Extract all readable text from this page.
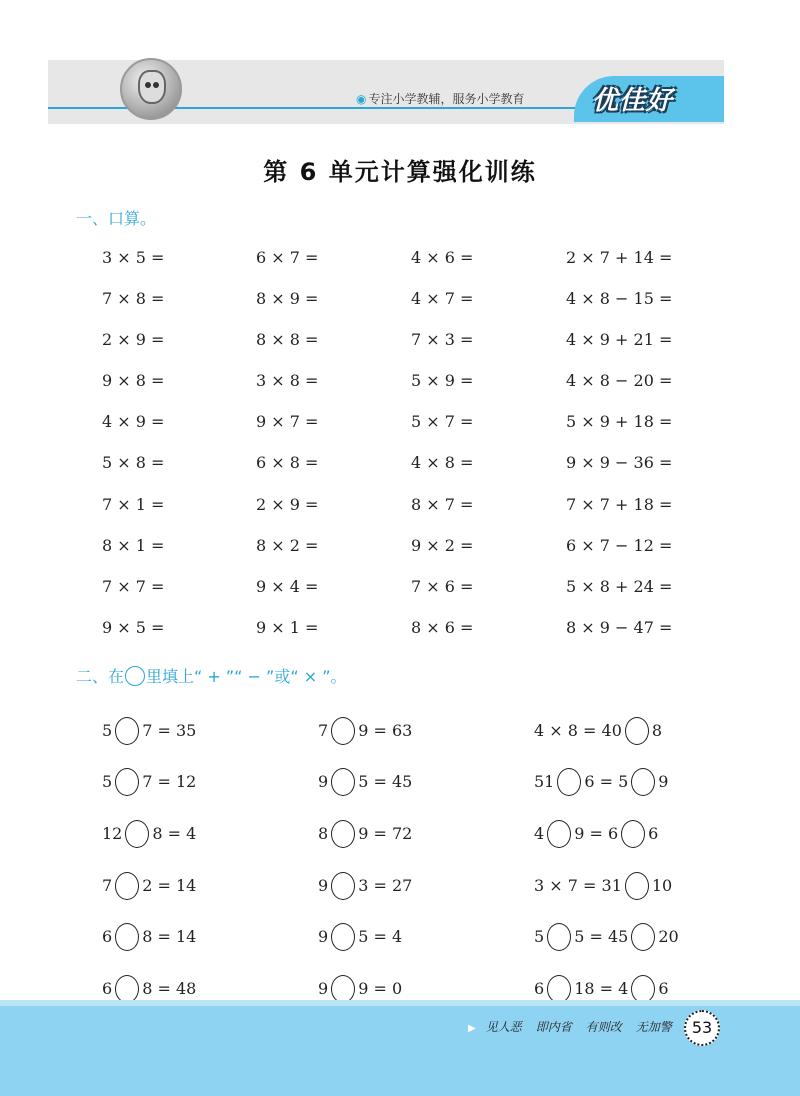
◉ 专注小学教辅，服务小学教育	优佳好
第 6 单元计算强化训练
一、口算。
3 × 5 =	6 × 7 =	4 × 6 =	2 × 7 + 14 =
7 × 8 =	8 × 9 =	4 × 7 =	4 × 8 − 15 =
2 × 9 =	8 × 8 =	7 × 3 =	4 × 9 + 21 =
9 × 8 =	3 × 8 =	5 × 9 =	4 × 8 − 20 =
4 × 9 =	9 × 7 =	5 × 7 =	5 × 9 + 18 =
5 × 8 =	6 × 8 =	4 × 8 =	9 × 9 − 36 =
7 × 1 =	2 × 9 =	8 × 7 =	7 × 7 + 18 =
8 × 1 =	8 × 2 =	9 × 2 =	6 × 7 − 12 =
7 × 7 =	9 × 4 =	7 × 6 =	5 × 8 + 24 =
9 × 5 =	9 × 1 =	8 × 6 =	8 × 9 − 47 =
二、在 里填上“ + ”“ − ”或“ × ”。
5 7 = 35	7 9 = 63	4 × 8 = 40 8
5 7 = 12	9 5 = 45	51 6 = 5 9
12 8 = 4	8 9 = 72	4 9 = 6 6
7 2 = 14	9 3 = 27	3 × 7 = 31 10
6 8 = 14	9 5 = 4	5 5 = 45 20
6 8 = 48	9 9 = 0	6 18 = 4 6
▶ 见人恶 即内省 有则改 无加警	53
